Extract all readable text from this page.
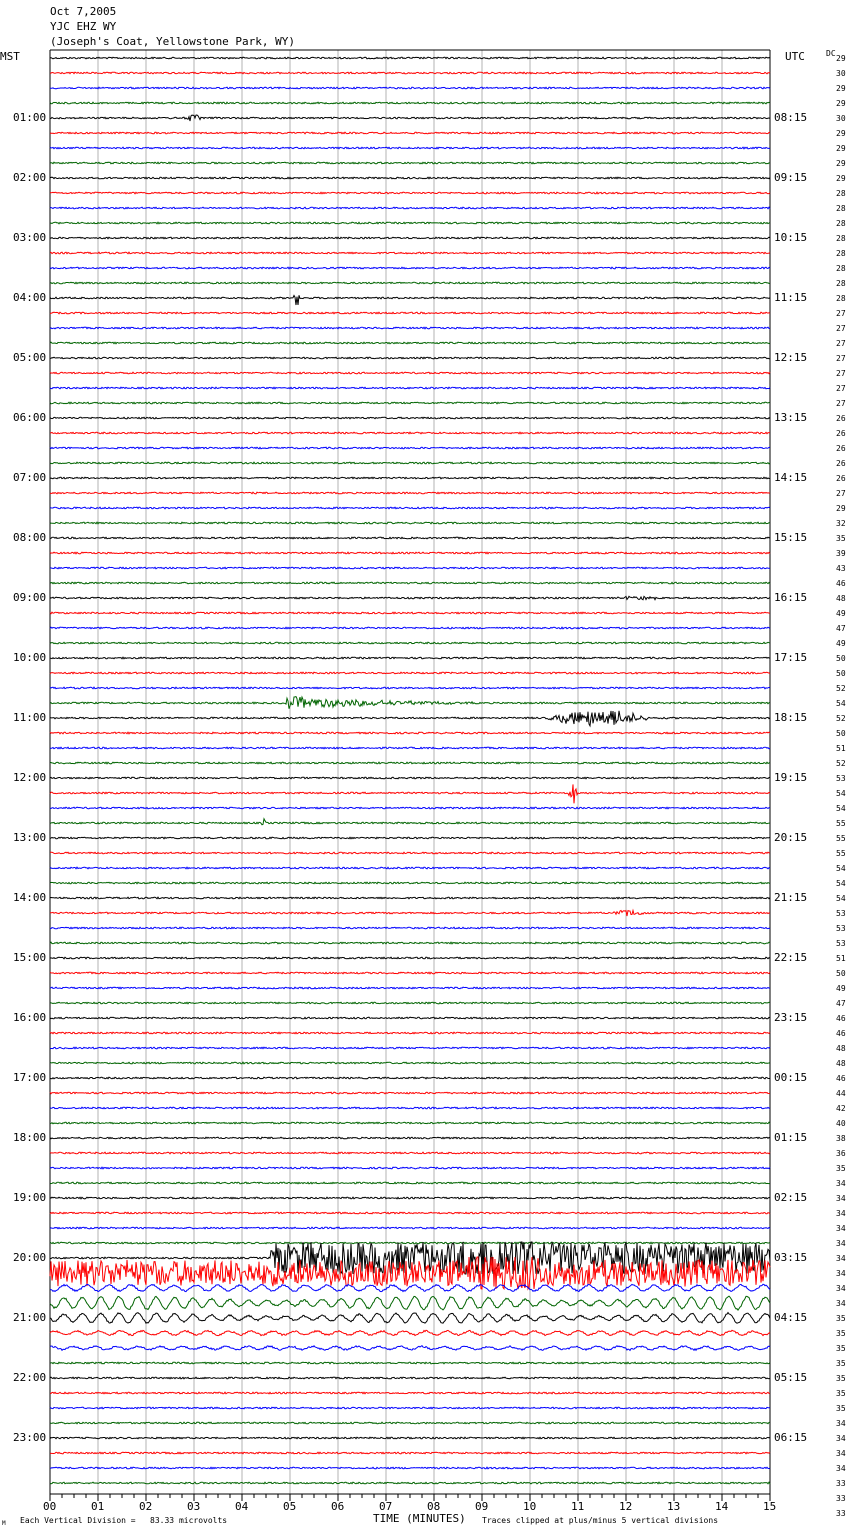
Oct 7,2005
YJC EHZ WY
(Joseph's Coat, Yellowstone Park, WY)
MST	UTC	DC
01:00
02:00
03:00
04:00
05:00
06:00
07:00
08:00
09:00
10:00
11:00
12:00
13:00
14:00
15:00
16:00
17:00
18:00
19:00
20:00
21:00
22:00
23:00
08:15
09:15
10:15
11:15
12:15
13:15
14:15
15:15
16:15
17:15
18:15
19:15
20:15
21:15
22:15
23:15
00:15
01:15
02:15
03:15
04:15
05:15
06:15
29
30
29
29
30
29
29
29
29
28
28
28
28
28
28
28
28
27
27
27
27
27
27
27
26
26
26
26
26
27
29
32
35
39
43
46
48
49
47
49
50
50
52
54
52
50
51
52
53
54
54
55
55
55
54
54
54
53
53
53
51
50
49
47
46
46
48
48
46
44
42
40
38
36
35
34
34
34
34
34
34
34
34
34
35
35
35
35
35
35
35
34
34
34
34
33
33
33
00	01	02	03	04	05	06	07	08	09	10	11	12	13	14	15
TIME (MINUTES)
Each Vertical Division =   83.33 microvolts	Traces clipped at plus/minus 5 vertical divisions
M
